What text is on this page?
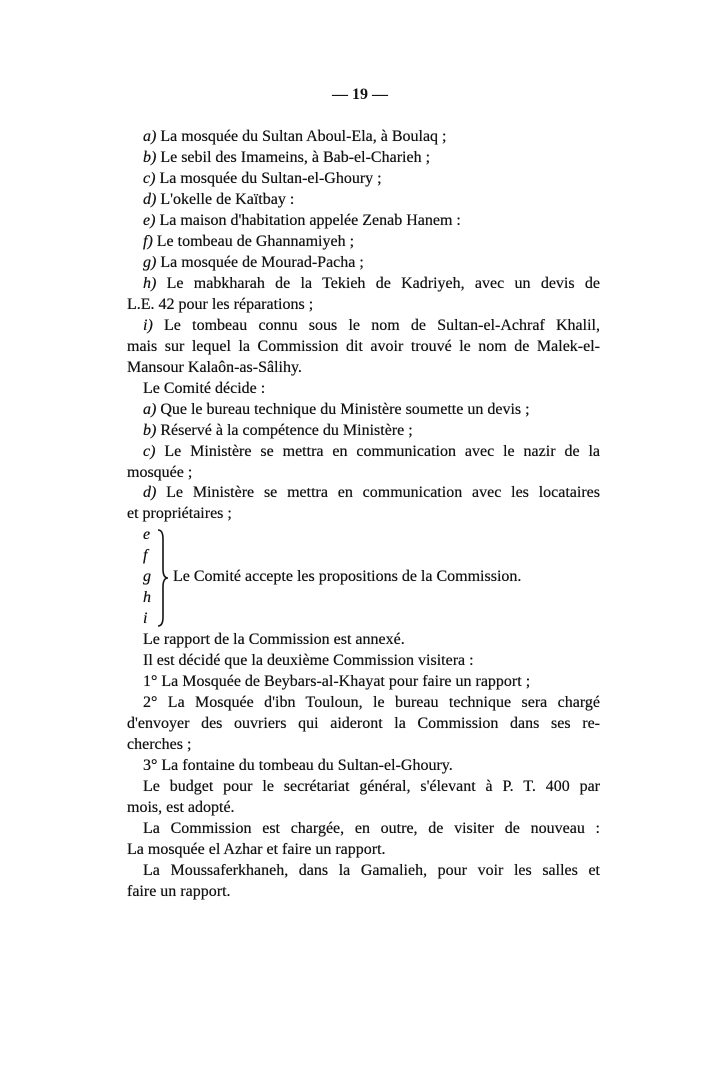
— 19 —
a) La mosquée du Sultan Aboul-Ela, à Boulaq ;
b) Le sebil des Imameins, à Bab-el-Charieh ;
c) La mosquée du Sultan-el-Ghoury ;
d) L'okelle de Kaïtbay :
e) La maison d'habitation appelée Zenab Hanem :
f) Le tombeau de Ghannamiyeh ;
g) La mosquée de Mourad-Pacha ;
h) Le mabkharah de la Tekieh de Kadriyeh, avec un devis de
L.E. 42 pour les réparations ;
i) Le tombeau connu sous le nom de Sultan-el-Achraf Khalil,
mais sur lequel la Commission dit avoir trouvé le nom de Malek-el-
Mansour Kalaôn-as-Sâlihy.
Le Comité décide :
a) Que le bureau technique du Ministère soumette un devis ;
b) Réservé à la compétence du Ministère ;
c) Le Ministère se mettra en communication avec le nazir de la
mosquée ;
d) Le Ministère se mettra en communication avec les locataires
et propriétaires ;
e
f
g
h
i
Le Comité accepte les propositions de la Commission.
Le rapport de la Commission est annexé.
Il est décidé que la deuxième Commission visitera :
1° La Mosquée de Beybars-al-Khayat pour faire un rapport ;
2° La Mosquée d'ibn Touloun, le bureau technique sera chargé
d'envoyer des ouvriers qui aideront la Commission dans ses re-
cherches ;
3° La fontaine du tombeau du Sultan-el-Ghoury.
Le budget pour le secrétariat général, s'élevant à P. T. 400 par
mois, est adopté.
La Commission est chargée, en outre, de visiter de nouveau :
La mosquée el Azhar et faire un rapport.
La Moussaferkhaneh, dans la Gamalieh, pour voir les salles et
faire un rapport.
